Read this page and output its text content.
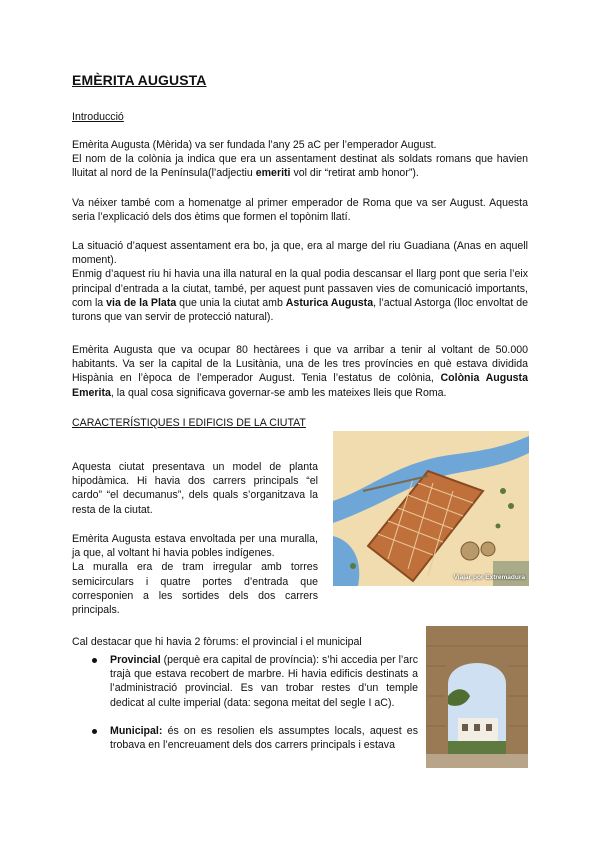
EMÈRITA AUGUSTA
Introducció

Emèrita Augusta (Mèrida) va ser fundada l’any 25 aC per l’emperador August.

El nom de la colònia ja indica que era un assentament destinat als soldats romans que havien lluitat al nord de la Península(l’adjectiu emeriti vol dir “retirat amb honor”).

Va néixer també com a homenatge al primer emperador de Roma que va ser August. Aquesta seria l’explicació dels dos ètims que formen el topònim llatí.

La situació d’aquest assentament era bo, ja que, era al marge del riu Guadiana (Anas en aquell moment).

Enmig d’aquest riu hi havia una illa natural en la qual podia descansar el llarg pont que seria l’eix principal d’entrada a la ciutat, també, per aquest punt passaven vies de comunicació importants, com la via de la Plata que unia la ciutat amb Asturica Augusta, l’actual Astorga (lloc envoltat de turons que van servir de protecció natural).

Emèrita Augusta que va ocupar 80 hectàrees i que va arribar a tenir al voltant de 50.000 habitants. Va ser la capital de la Lusitània, una de les tres províncies en què estava dividida Hispània en l’època de l’emperador August. Tenia l’estatus de colònia, Colònia Augusta Emerita, la qual cosa significava governar-se amb les mateixes lleis que Roma.

CARACTERÍSTIQUES I EDIFICIS DE LA CIUTAT

Aquesta ciutat presentava un model de planta hipodàmica. Hi havia dos carrers principals “el cardo” “el decumanus”, dels quals s’organitzava la resta de la ciutat.

Emèrita Augusta estava envoltada per una muralla, ja que, al voltant hi havia pobles indígenes.

La muralla era de tram irregular amb torres semicirculars i quatre portes d’entrada que corresponien a les sortides dels dos carrers principals.

Viajar por Extremadura

Cal destacar que hi havia 2 fòrums: el provincial i el municipal

Provincial (perquè era capital de província): s’hi accedia per l’arc trajà que estava recobert de marbre. Hi havia edificis destinats a l’administració provincial. Es van trobar restes d’un temple dedicat al culte imperial (data: segona meitat del segle I aC).
Municipal: és on es resolien els assumptes locals, aquest es trobava en l’encreuament dels dos carrers principals i estava
